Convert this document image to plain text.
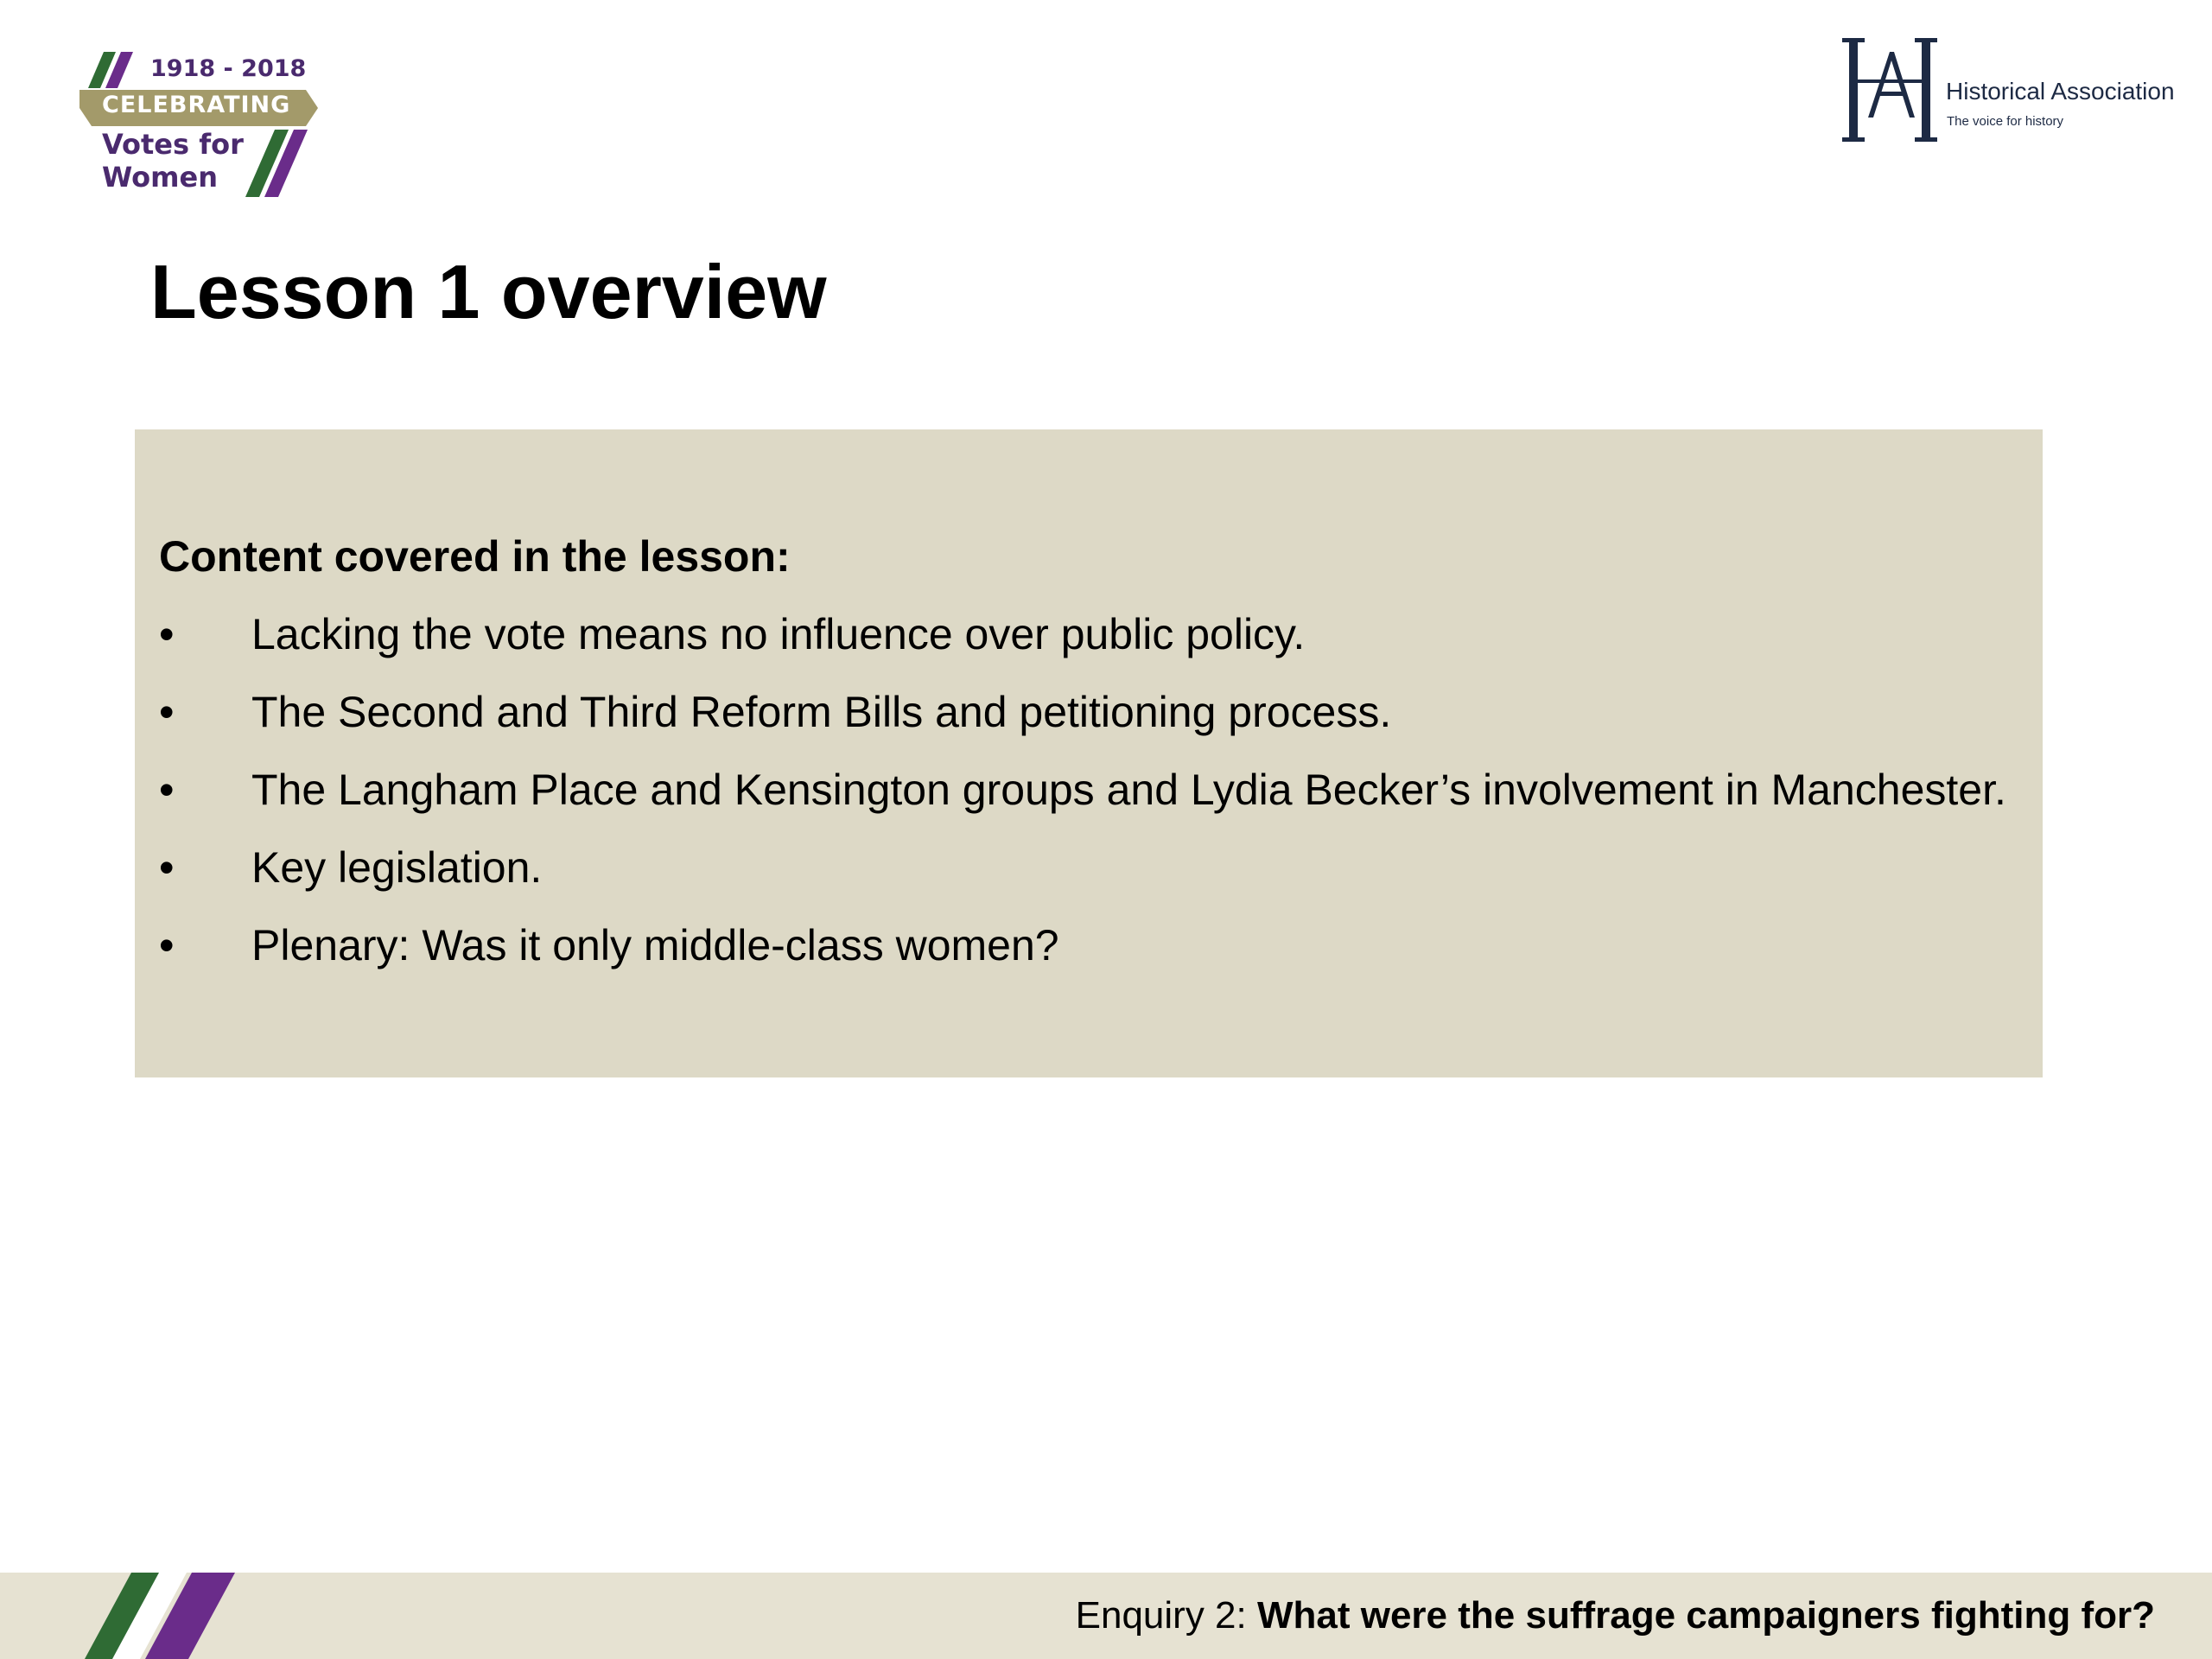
1918 - 2018
CELEBRATING
Votes for
Women
Historical Association
The voice for history
Lesson 1 overview
Content covered in the lesson:
•	Lacking the vote means no influence over public policy.
•	The Second and Third Reform Bills and petitioning process.
•	The Langham Place and Kensington groups and Lydia Becker’s involvement in Manchester.
•	Key legislation.
•	Plenary: Was it only middle-class women?
Enquiry 2: What were the suffrage campaigners fighting for?
